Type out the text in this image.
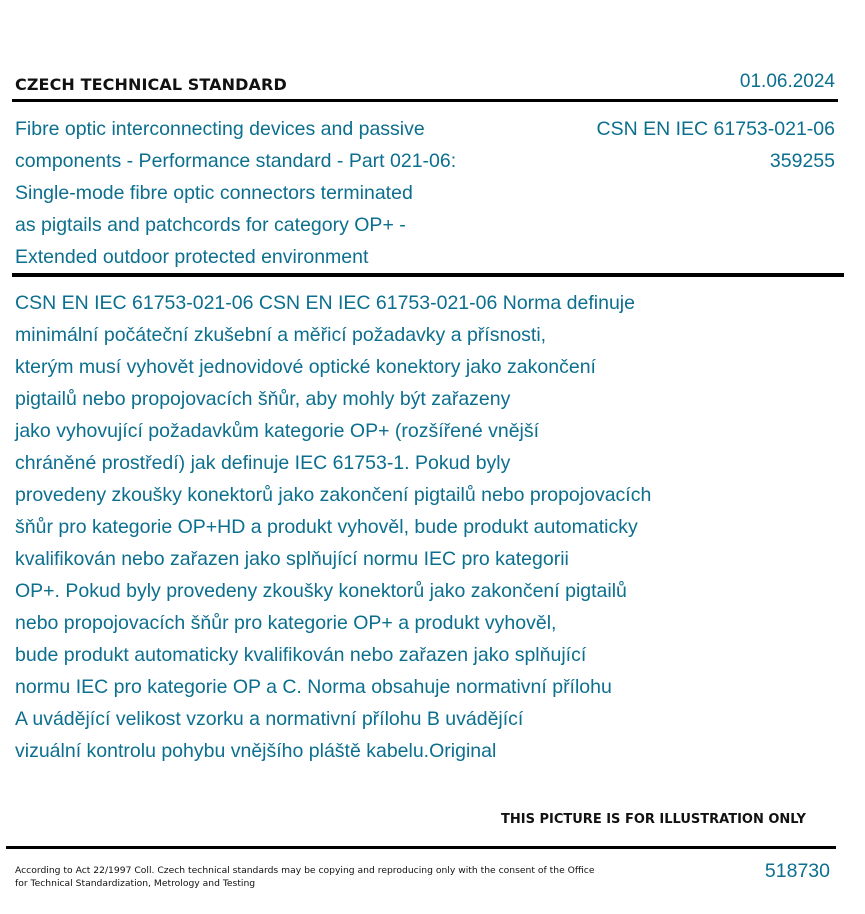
CZECH TECHNICAL STANDARD	01.06.2024
Fibre optic interconnecting devices and passive
components - Performance standard - Part 021-06:
Single-mode fibre optic connectors terminated
as pigtails and patchcords for category OP+ -
Extended outdoor protected environment
CSN EN IEC 61753-021-06
359255
CSN EN IEC 61753-021-06 CSN EN IEC 61753-021-06 Norma definuje
minimální počáteční zkušební a měřicí požadavky a přísnosti,
kterým musí vyhovět jednovidové optické konektory jako zakončení
pigtailů nebo propojovacích šňůr, aby mohly být zařazeny
jako vyhovující požadavkům kategorie OP+ (rozšířené vnější
chráněné prostředí) jak definuje IEC 61753-1. Pokud byly
provedeny zkoušky konektorů jako zakončení pigtailů nebo propojovacích
šňůr pro kategorie OP+HD a produkt vyhověl, bude produkt automaticky
kvalifikován nebo zařazen jako splňující normu IEC pro kategorii
OP+. Pokud byly provedeny zkoušky konektorů jako zakončení pigtailů
nebo propojovacích šňůr pro kategorie OP+ a produkt vyhověl,
bude produkt automaticky kvalifikován nebo zařazen jako splňující
normu IEC pro kategorie OP a C. Norma obsahuje normativní přílohu
A uvádějící velikost vzorku a normativní přílohu B uvádějící
vizuální kontrolu pohybu vnějšího pláště kabelu.Original
THIS PICTURE IS FOR ILLUSTRATION ONLY
According to Act 22/1997 Coll. Czech technical standards may be copying and reproducing only with the consent of the Office
for Technical Standardization, Metrology and Testing
518730
